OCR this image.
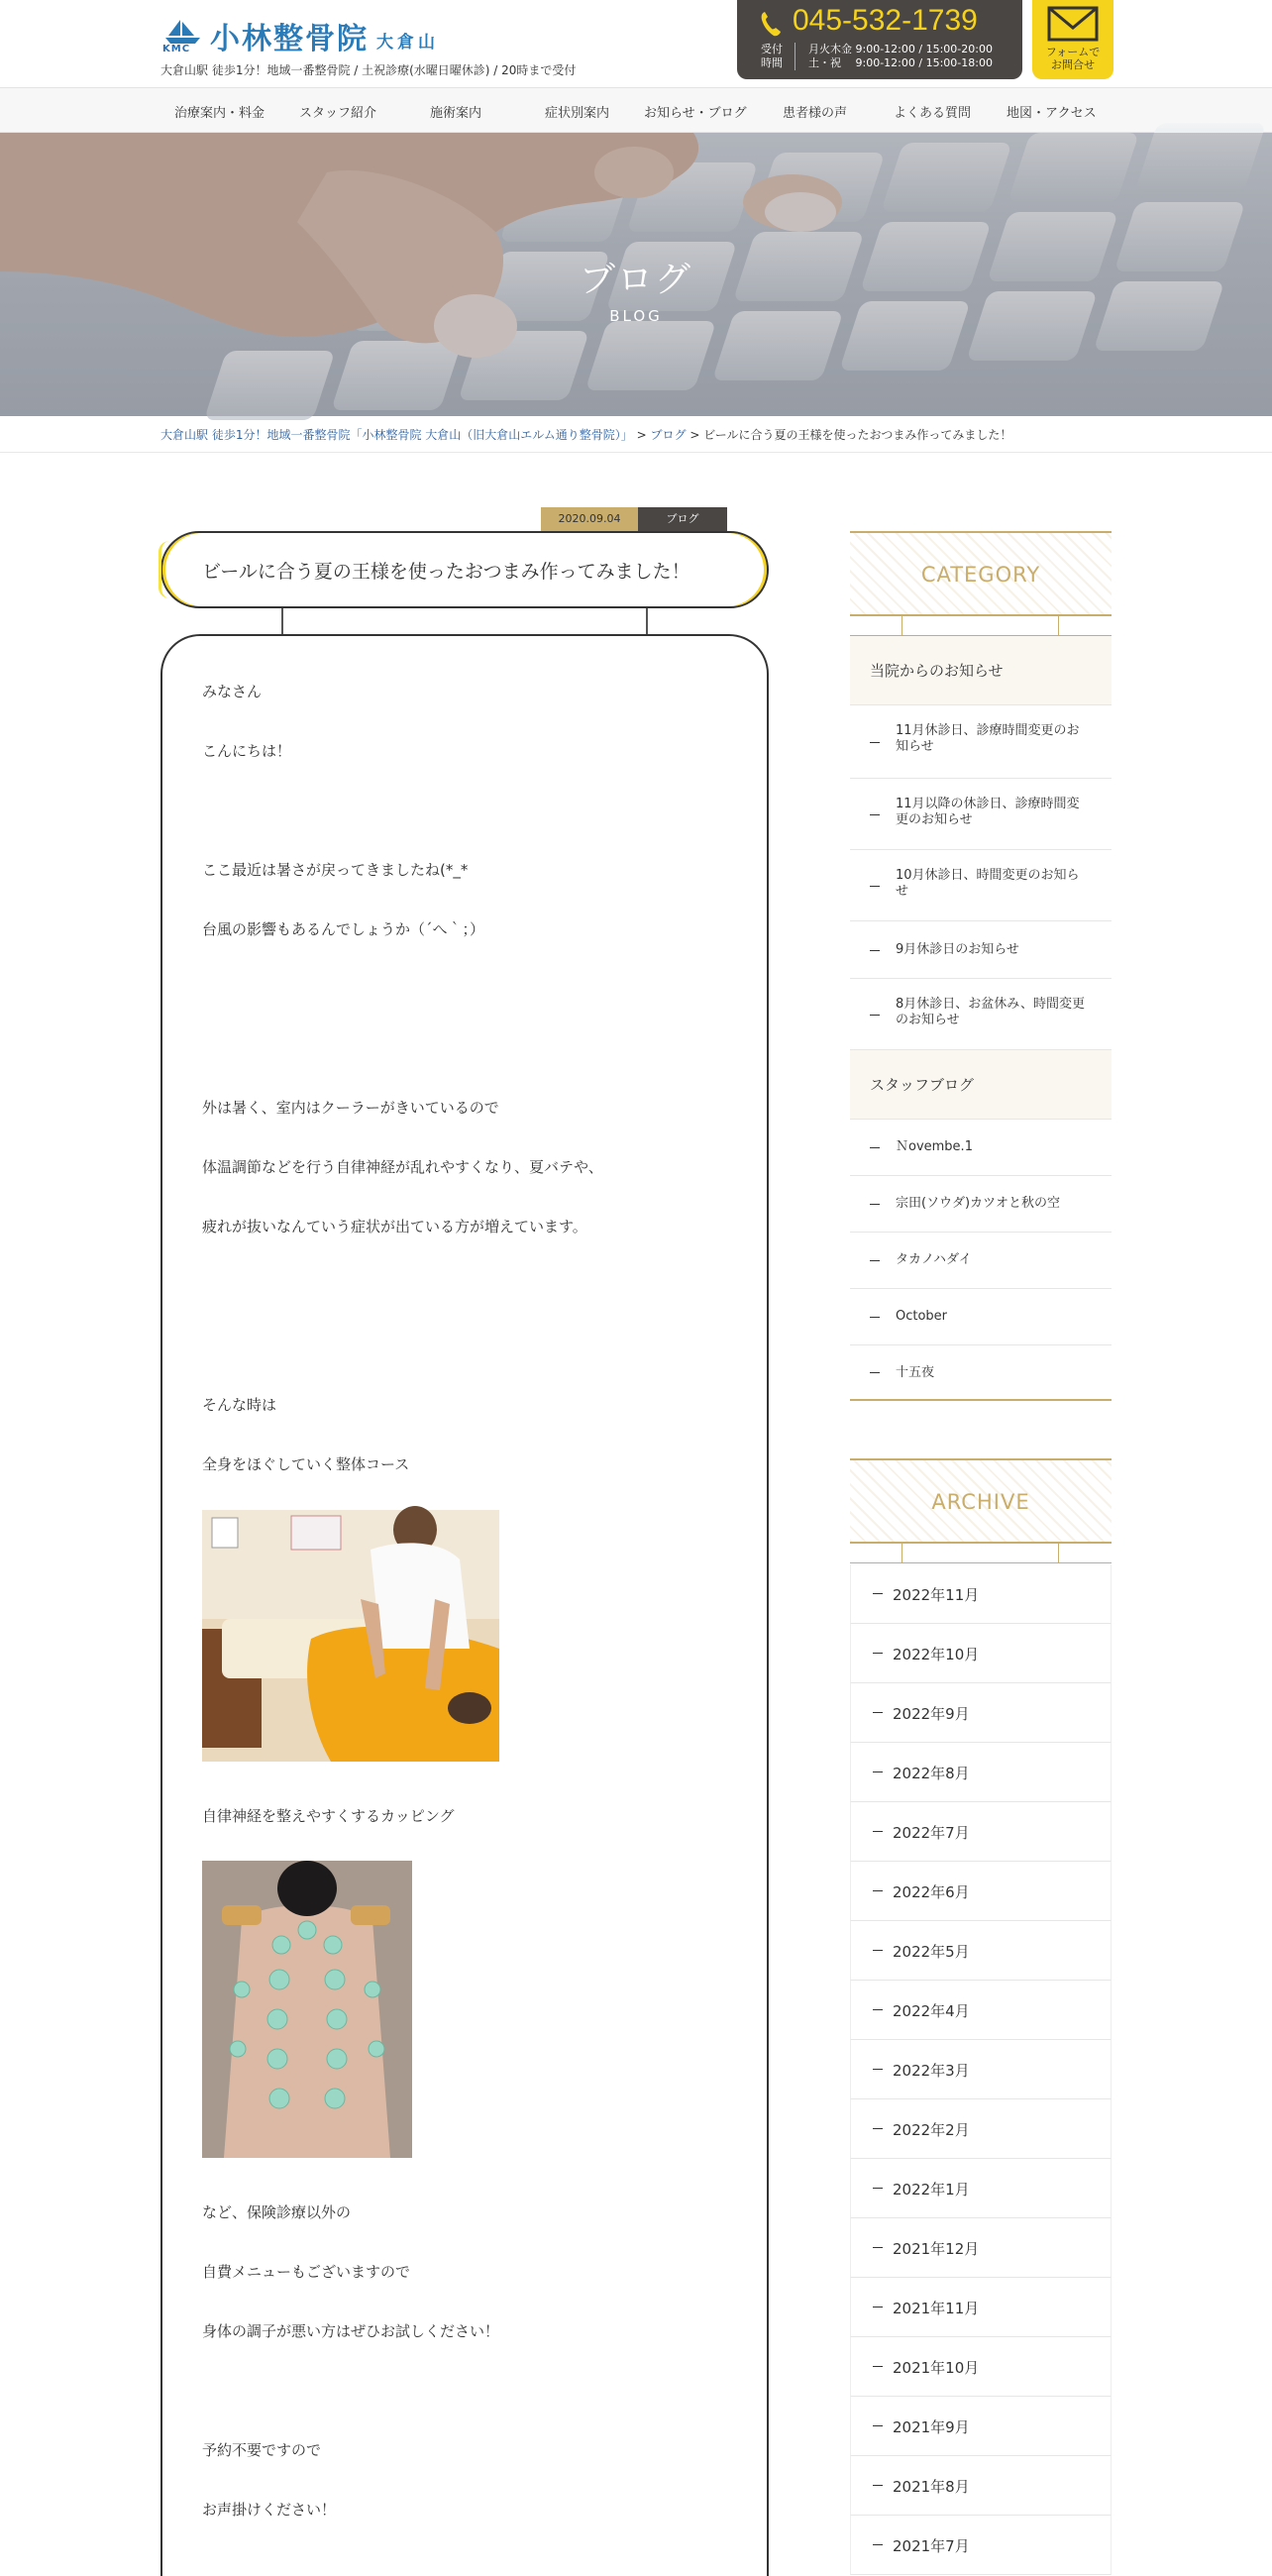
KMC 小林整骨院 大倉山
大倉山駅 徒歩1分！地域一番整骨院 / 土祝診療(水曜日曜休診) / 20時まで受付
045-532-1739
受付
時間
月火木金 9:00-12:00 / 15:00-20:00
土・祝　 9:00-12:00 / 15:00-18:00
フォームで
お問合せ
治療案内・料金	スタッフ紹介	施術案内	症状別案内	お知らせ・ブログ	患者様の声	よくある質問	地図・アクセス
ブログ
BLOG
大倉山駅 徒歩1分！地域一番整骨院「小林整骨院 大倉山（旧大倉山エルム通り整骨院）」 > ブログ > ビールに合う夏の王様を使ったおつまみ作ってみました！
2020.09.04	ブログ
ビールに合う夏の王様を使ったおつまみ作ってみました！

みなさん

こんにちは！

ここ最近は暑さが戻ってきましたね(*_*

台風の影響もあるんでしょうか（´へ｀；）

外は暑く、室内はクーラーがきいているので

体温調節などを行う自律神経が乱れやすくなり、夏バテや、

疲れが抜いなんていう症状が出ている方が増えています。

そんな時は

全身をほぐしていく整体コース

自律神経を整えやすくするカッピング

など、保険診療以外の

自費メニューもございますので

身体の調子が悪い方はぜひお試しください！

予約不要ですので

お声掛けください！

CATEGORY
当院からのお知らせ
11月休診日、診療時間変更のお知らせ
11月以降の休診日、診療時間変更のお知らせ
10月休診日、時間変更のお知らせ
9月休診日のお知らせ
8月休診日、お盆休み、時間変更のお知らせ
スタッフブログ
Ｎovembe.1
宗田(ソウダ)カツオと秋の空
タカノハダイ
October
十五夜
ARCHIVE
2022年11月
2022年10月
2022年9月
2022年8月
2022年7月
2022年6月
2022年5月
2022年4月
2022年3月
2022年2月
2022年1月
2021年12月
2021年11月
2021年10月
2021年9月
2021年8月
2021年7月
